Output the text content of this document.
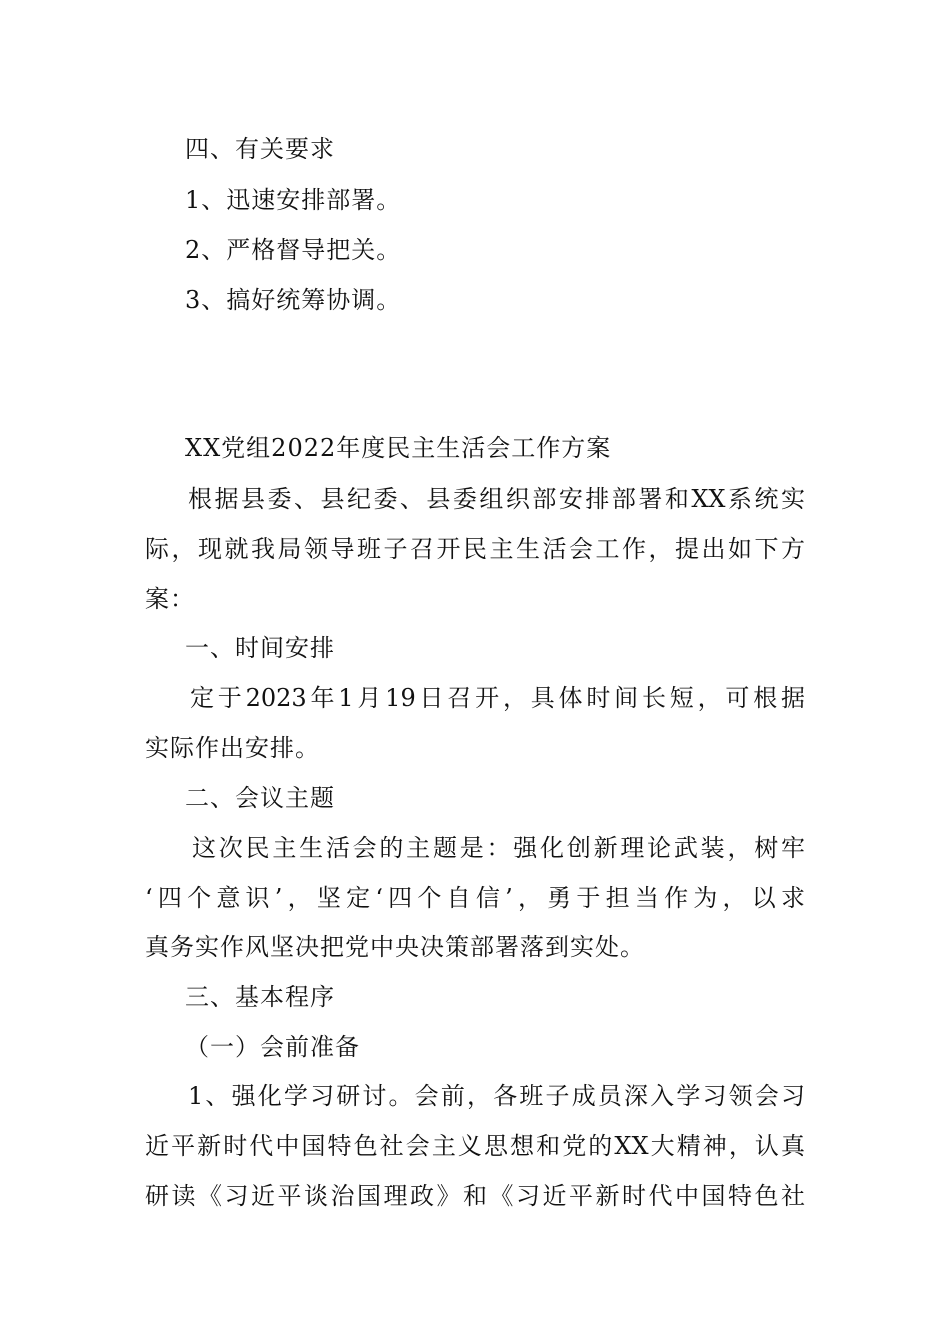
四、有关要求
1、迅速安排部署。
2、严格督导把关。
3、搞好统筹协调。
XX党组2022年度民主生活会工作方案
根据县委、县纪委、县委组织部安排部署和XX系统实
际，现就我局领导班子召开民主生活会工作，提出如下方
案：
一、时间安排
定于2023年1月19日召开，具体时间长短，可根据
实际作出安排。
二、会议主题
这次民主生活会的主题是：强化创新理论武装，树牢
‘四个意识’，坚定‘四个自信’，勇于担当作为，以求
真务实作风坚决把党中央决策部署落到实处。
三、基本程序
（一）会前准备
1、强化学习研讨。会前，各班子成员深入学习领会习
近平新时代中国特色社会主义思想和党的XX大精神，认真
研读《习近平谈治国理政》和《习近平新时代中国特色社
